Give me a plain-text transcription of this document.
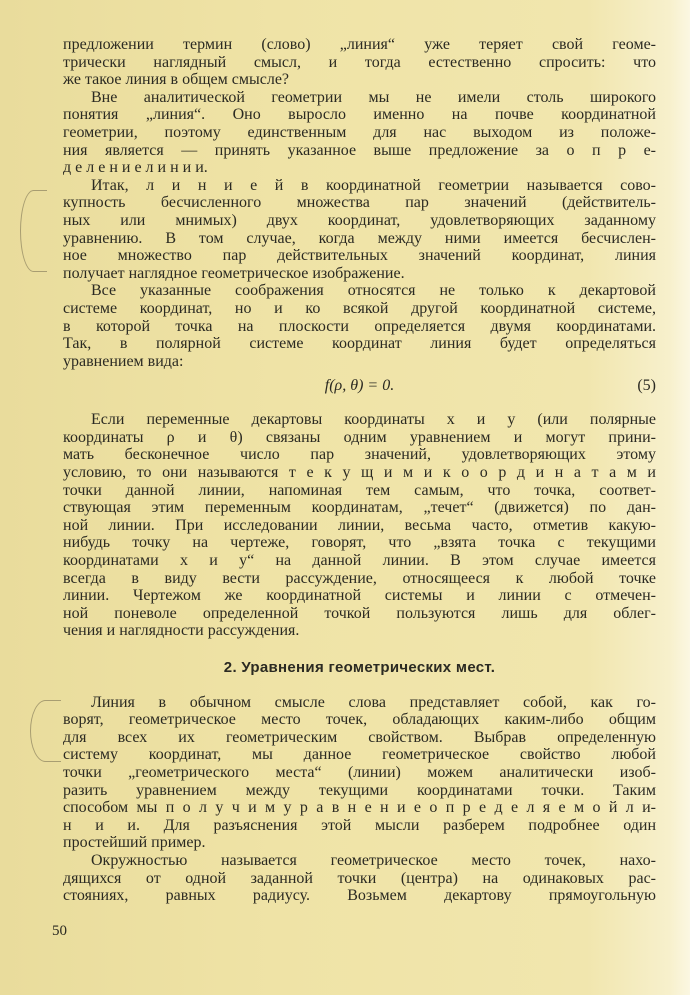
предложении термин (слово) „линия“ уже теряет свой геоме-
трически наглядный смысл, и тогда естественно спросить: что
же такое линия в общем смысле?
Вне аналитической геометрии мы не имели столь широкого
понятия „линия“. Оно выросло именно на почве координатной
геометрии, поэтому единственным для нас выходом из положе-
ния является — принять указанное выше предложение за о п р е-
д е л е н и е л и н и и.
Итак, л и н и е й в координатной геометрии называется сово-
купность бесчисленного множества пар значений (действитель-
ных или мнимых) двух координат, удовлетворяющих заданному
уравнению. В том случае, когда между ними имеется бесчислен-
ное множество пар действительных значений координат, линия
получает наглядное геометрическое изображение.
Все указанные соображения относятся не только к декартовой
системе координат, но и ко всякой другой координатной системе,
в которой точка на плоскости определяется двумя координатами.
Так, в полярной системе координат линия будет определяться
уравнением вида:
f(ρ, θ) = 0.	(5)
Если переменные декартовы координаты x и y (или полярные
координаты ρ и θ) связаны одним уравнением и могут прини-
мать бесконечное число пар значений, удовлетворяющих этому
условию, то они называются т е к у щ и м и к о о р д и н а т а м и
точки данной линии, напоминая тем самым, что точка, соответ-
ствующая этим переменным координатам, „течет“ (движется) по дан-
ной линии. При исследовании линии, весьма часто, отметив какую-
нибудь точку на чертеже, говорят, что „взята точка с текущими
координатами x и y“ на данной линии. В этом случае имеется
всегда в виду вести рассуждение, относящееся к любой точке
линии. Чертежом же координатной системы и линии с отмечен-
ной поневоле определенной точкой пользуются лишь для облег-
чения и наглядности рассуждения.
2. Уравнения геометрических мест.
Линия в обычном смысле слова представляет собой, как го-
ворят, геометрическое место точек, обладающих каким-либо общим
для всех их геометрическим свойством. Выбрав определенную
систему координат, мы данное геометрическое свойство любой
точки „геометрического места“ (линии) можем аналитически изоб-
разить уравнением между текущими координатами точки. Таким
способом мы п о л у ч и м у р а в н е н и е о п р е д е л я е м о й л и-
н и и. Для разъяснения этой мысли разберем подробнее один
простейший пример.
Окружностью называется геометрическое место точек, нахо-
дящихся от одной заданной точки (центра) на одинаковых рас-
стояниях, равных радиусу. Возьмем декартову прямоугольную
50
